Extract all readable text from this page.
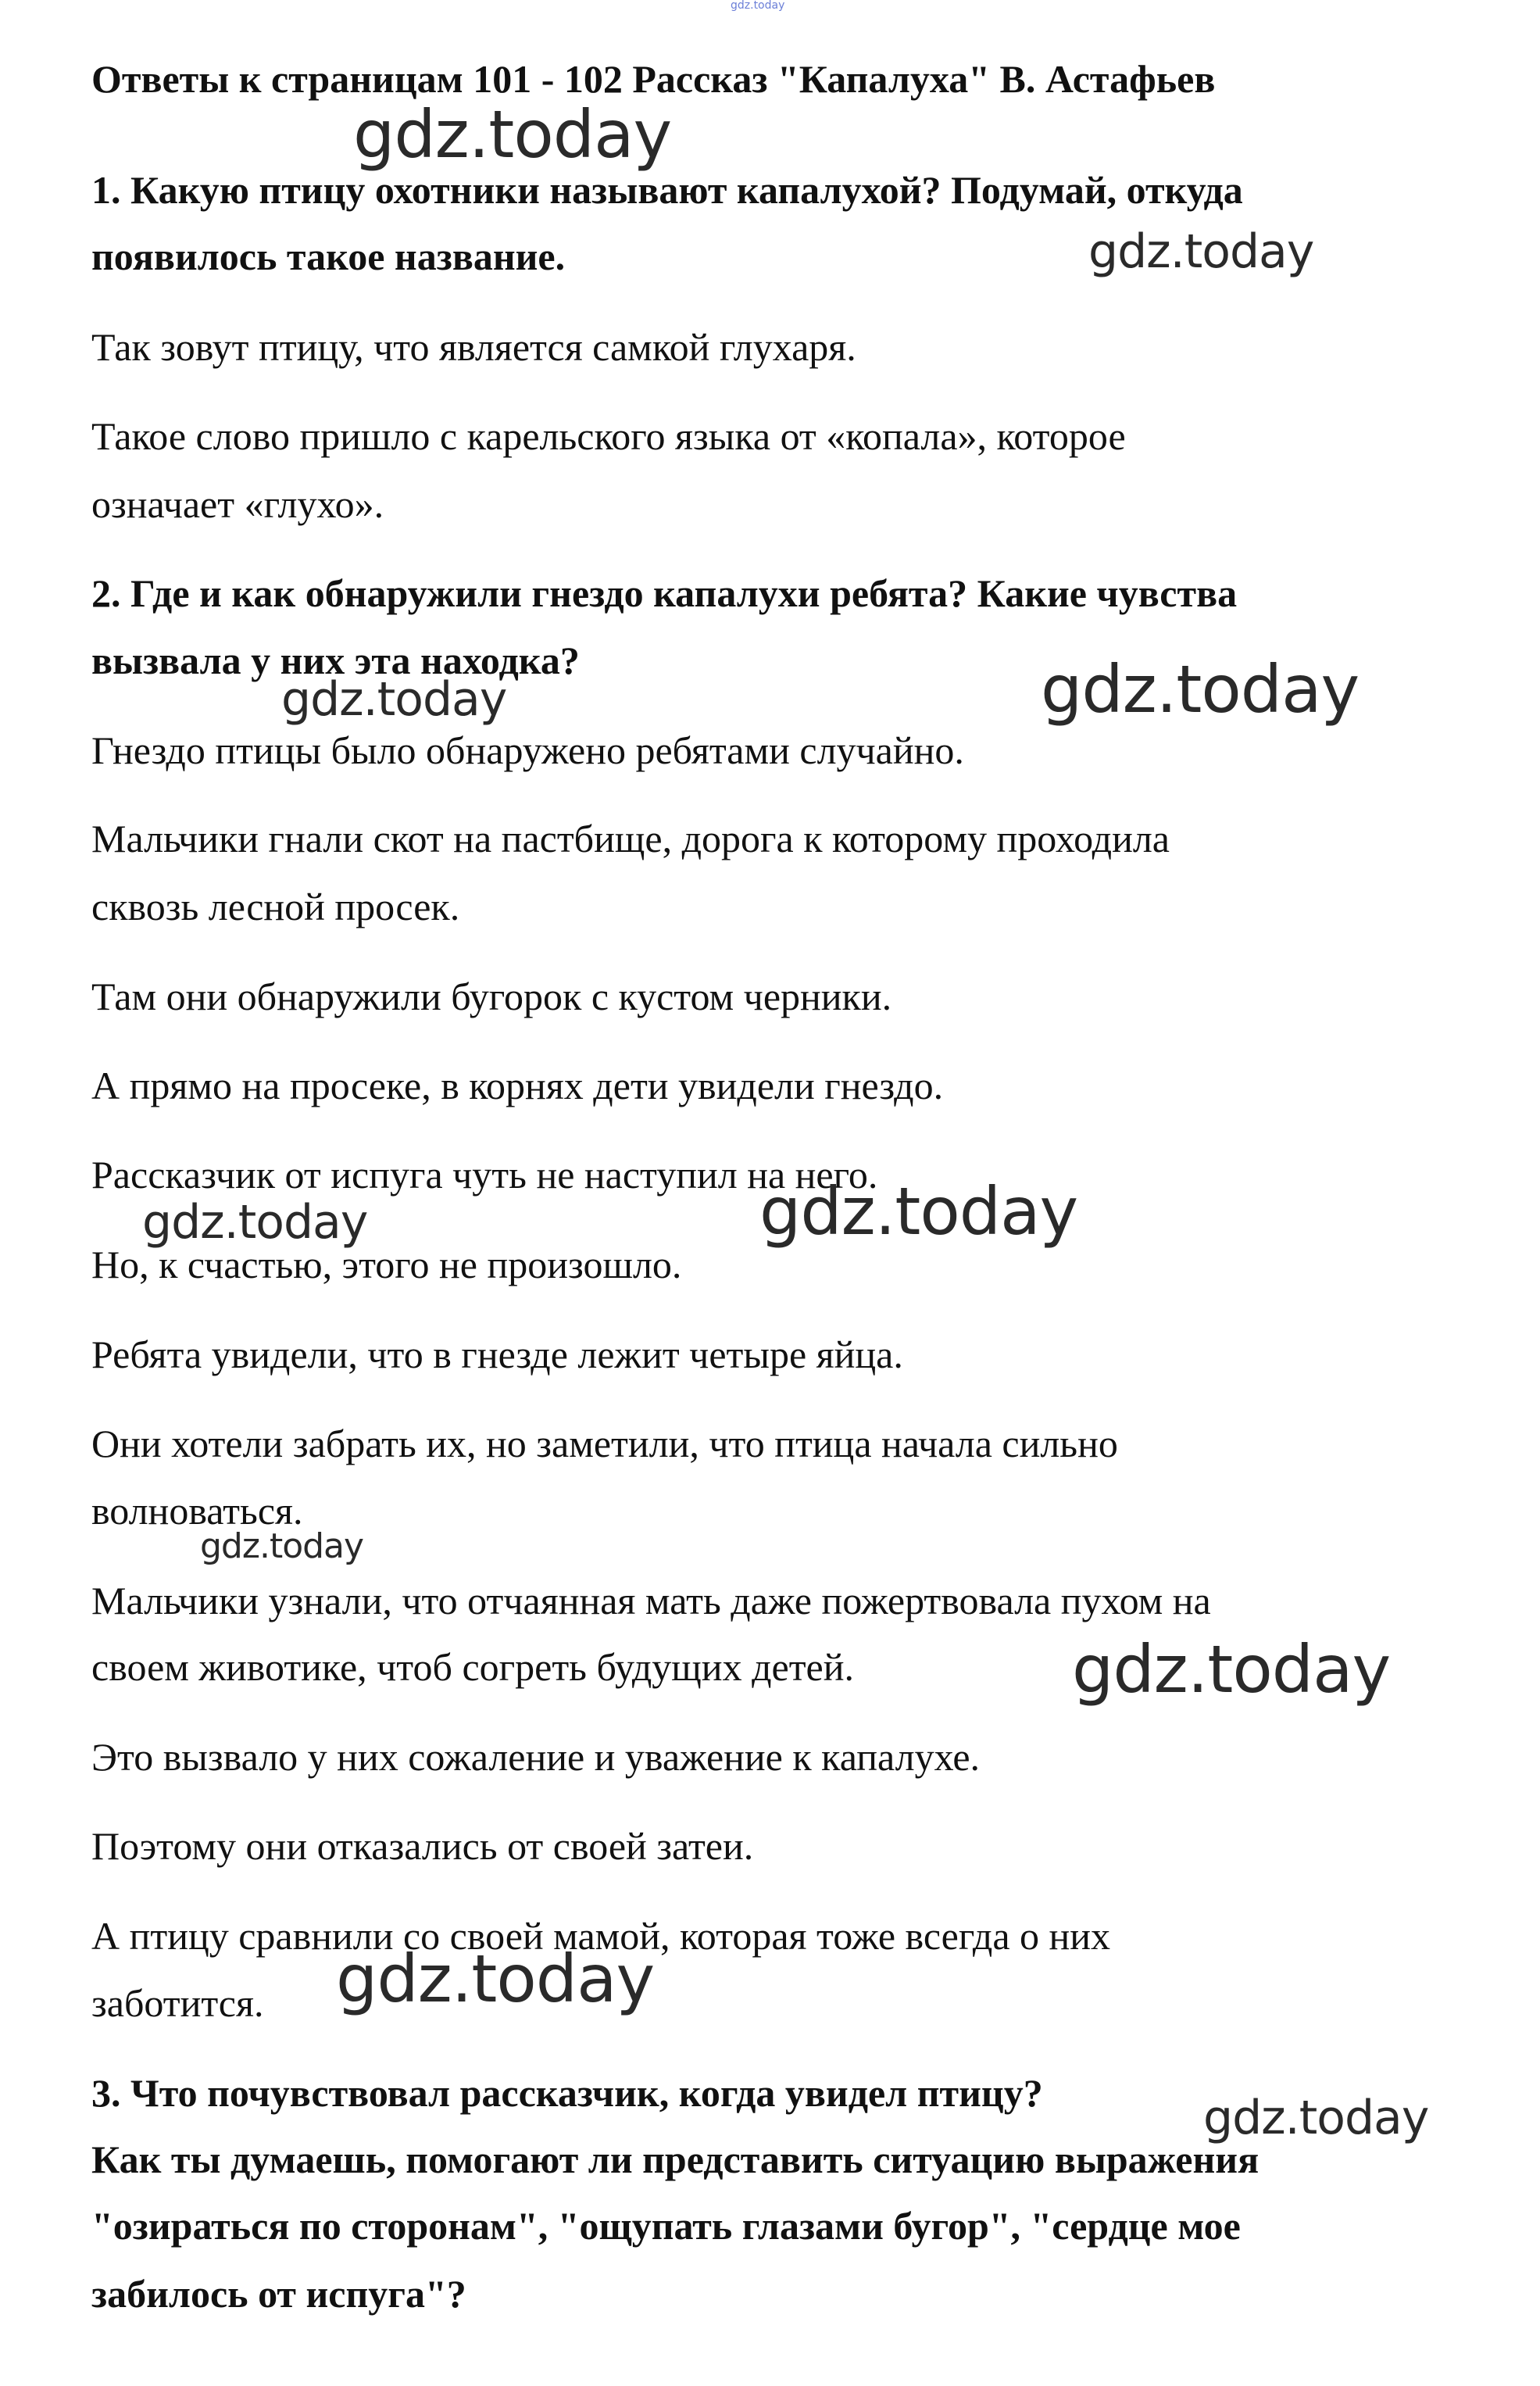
gdz.today
Ответы к страницам 101 - 102 Рассказ "Капалуха" В. Астафьев
1. Какую птицу охотники называют капалухой? Подумай, откуда
появилось такое название.
Так зовут птицу, что является самкой глухаря.
Такое слово пришло с карельского языка от «копала», которое
означает «глухо».
2. Где и как обнаружили гнездо капалухи ребята? Какие чувства
вызвала у них эта находка?
Гнездо птицы было обнаружено ребятами случайно.
Мальчики гнали скот на пастбище, дорога к которому проходила
сквозь лесной просек.
Там они обнаружили бугорок с кустом черники.
А прямо на просеке, в корнях дети увидели гнездо.
Рассказчик от испуга чуть не наступил на него.
Но, к счастью, этого не произошло.
Ребята увидели, что в гнезде лежит четыре яйца.
Они хотели забрать их, но заметили, что птица начала сильно
волноваться.
Мальчики узнали, что отчаянная мать даже пожертвовала пухом на
своем животике, чтоб согреть будущих детей.
Это вызвало у них сожаление и уважение к капалухе.
Поэтому они отказались от своей затеи.
А птицу сравнили со своей мамой, которая тоже всегда о них
заботится.
3. Что почувствовал рассказчик, когда увидел птицу?
Как ты думаешь, помогают ли представить ситуацию выражения
"озираться по сторонам", "ощупать глазами бугор", "сердце мое
забилось от испуга"?
gdz.today
gdz.today
gdz.today	gdz.today
gdz.today	gdz.today
gdz.today
gdz.today
gdz.today
gdz.today
